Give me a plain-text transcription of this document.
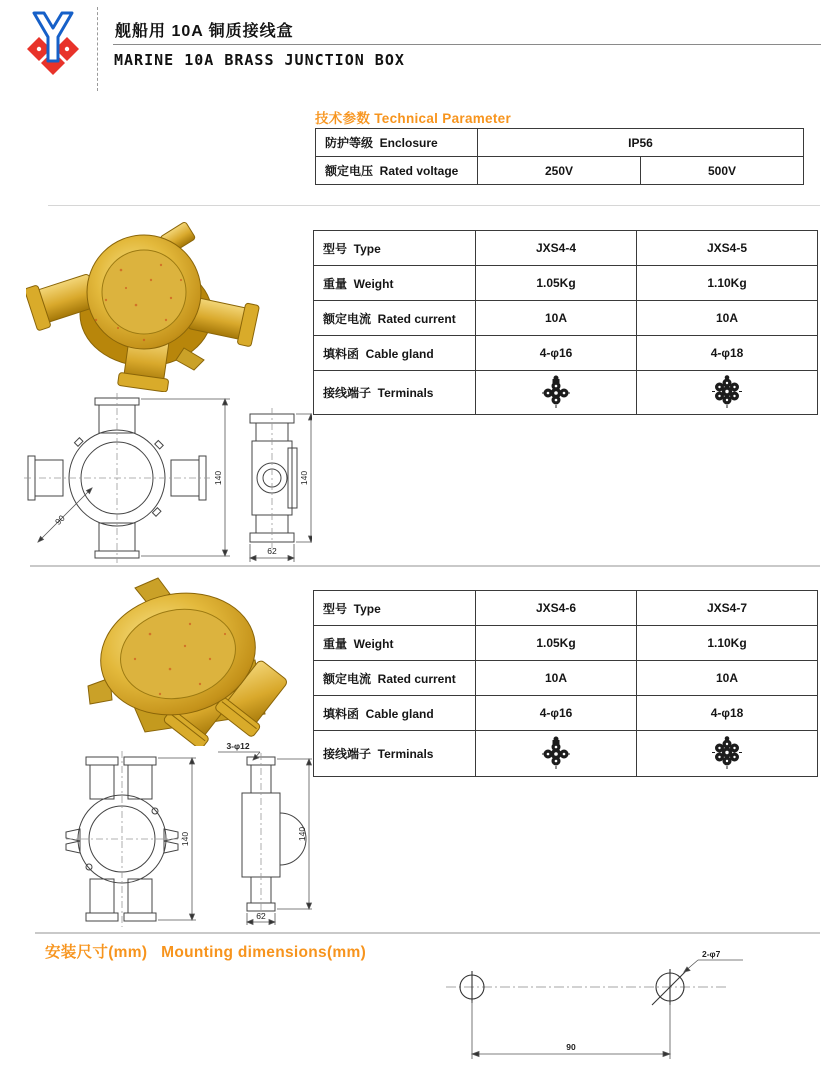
舰船用 10A 铜质接线盒
MARINE 10A BRASS JUNCTION BOX
技术参数 Technical Parameter
防护等级  Enclosure	IP56	
额定电压  Rated voltage	250V	500V
型号  Type	JXS4-4	JXS4-5
重量  Weight	1.05Kg	1.10Kg
额定电流  Rated current	10A	10A
填料函  Cable gland	4-φ16	4-φ18
接线端子  Terminals		
90
140	140
62
型号  Type	JXS4-6	JXS4-7
重量  Weight	1.05Kg	1.10Kg
额定电流  Rated current	10A	10A
填料函  Cable gland	4-φ16	4-φ18
接线端子  Terminals		
3-φ12
140	140
62
安装尺寸(mm)   Mounting dimensions(mm)	2-φ7
90
